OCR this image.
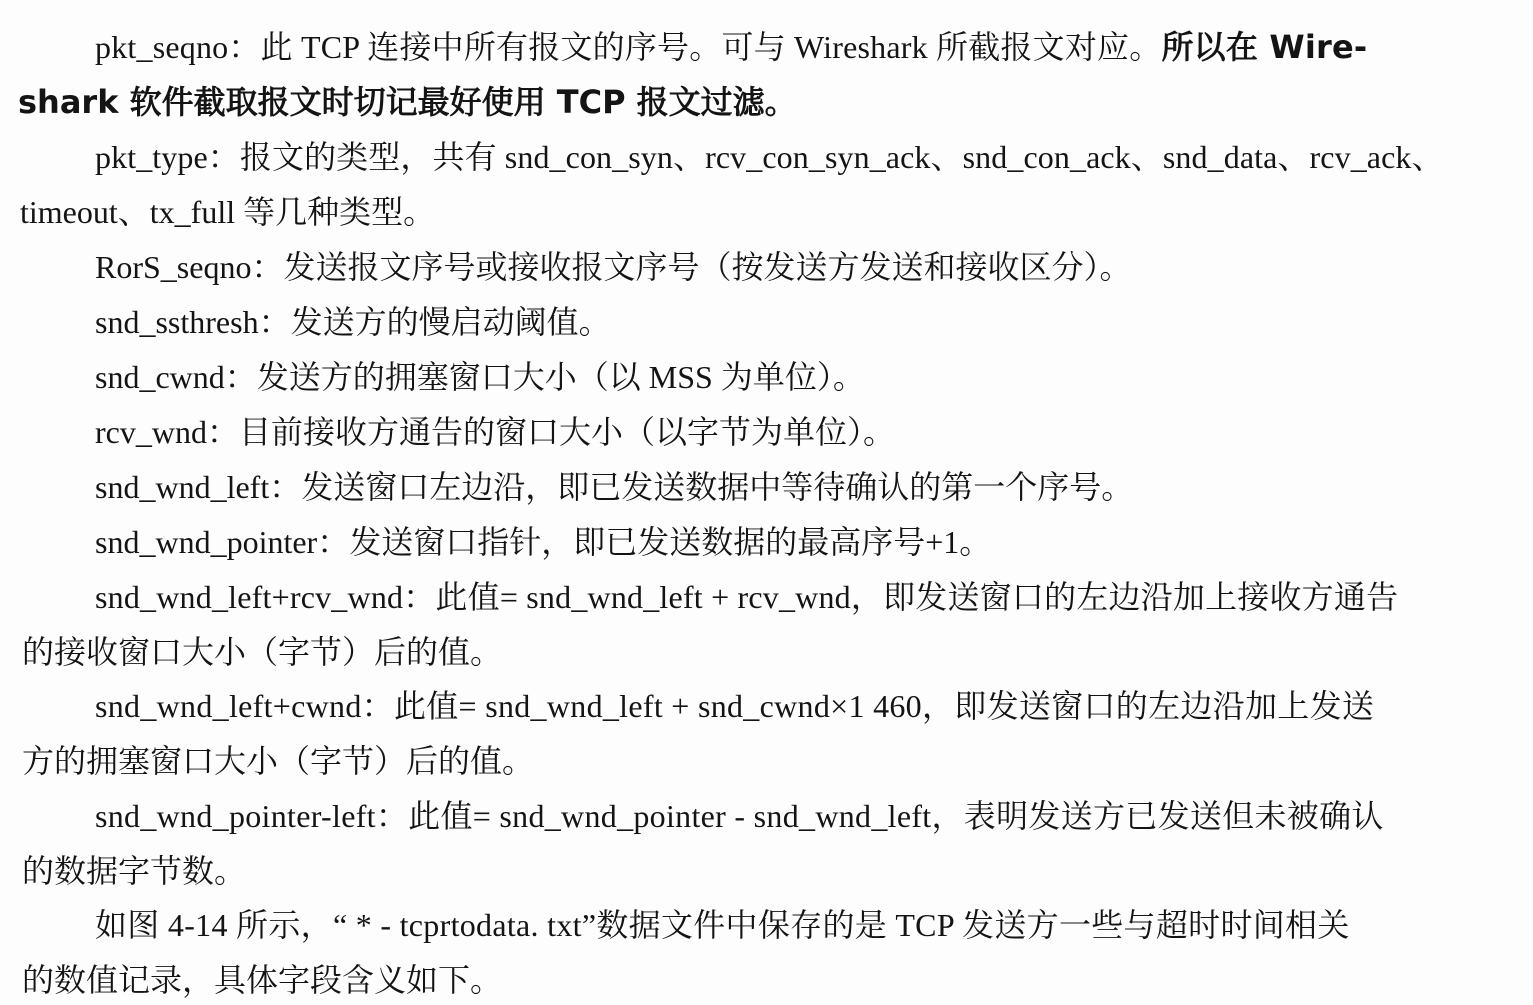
pkt_seqno：此 TCP 连接中所有报文的序号。可与 Wireshark 所截报文对应。所以在 Wire-
shark 软件截取报文时切记最好使用 TCP 报文过滤。
pkt_type：报文的类型，共有 snd_con_syn、rcv_con_syn_ack、snd_con_ack、snd_data、rcv_ack、
timeout、tx_full 等几种类型。
RorS_seqno：发送报文序号或接收报文序号（按发送方发送和接收区分）。
snd_ssthresh：发送方的慢启动阈值。
snd_cwnd：发送方的拥塞窗口大小（以 MSS 为单位）。
rcv_wnd：目前接收方通告的窗口大小（以字节为单位）。
snd_wnd_left：发送窗口左边沿，即已发送数据中等待确认的第一个序号。
snd_wnd_pointer：发送窗口指针，即已发送数据的最高序号+1。
snd_wnd_left+rcv_wnd：此值= snd_wnd_left + rcv_wnd，即发送窗口的左边沿加上接收方通告
的接收窗口大小（字节）后的值。
snd_wnd_left+cwnd：此值= snd_wnd_left + snd_cwnd×1 460，即发送窗口的左边沿加上发送
方的拥塞窗口大小（字节）后的值。
snd_wnd_pointer-left：此值= snd_wnd_pointer - snd_wnd_left，表明发送方已发送但未被确认
的数据字节数。
如图 4-14 所示，“ * - tcprtodata. txt”数据文件中保存的是 TCP 发送方一些与超时时间相关
的数值记录，具体字段含义如下。
